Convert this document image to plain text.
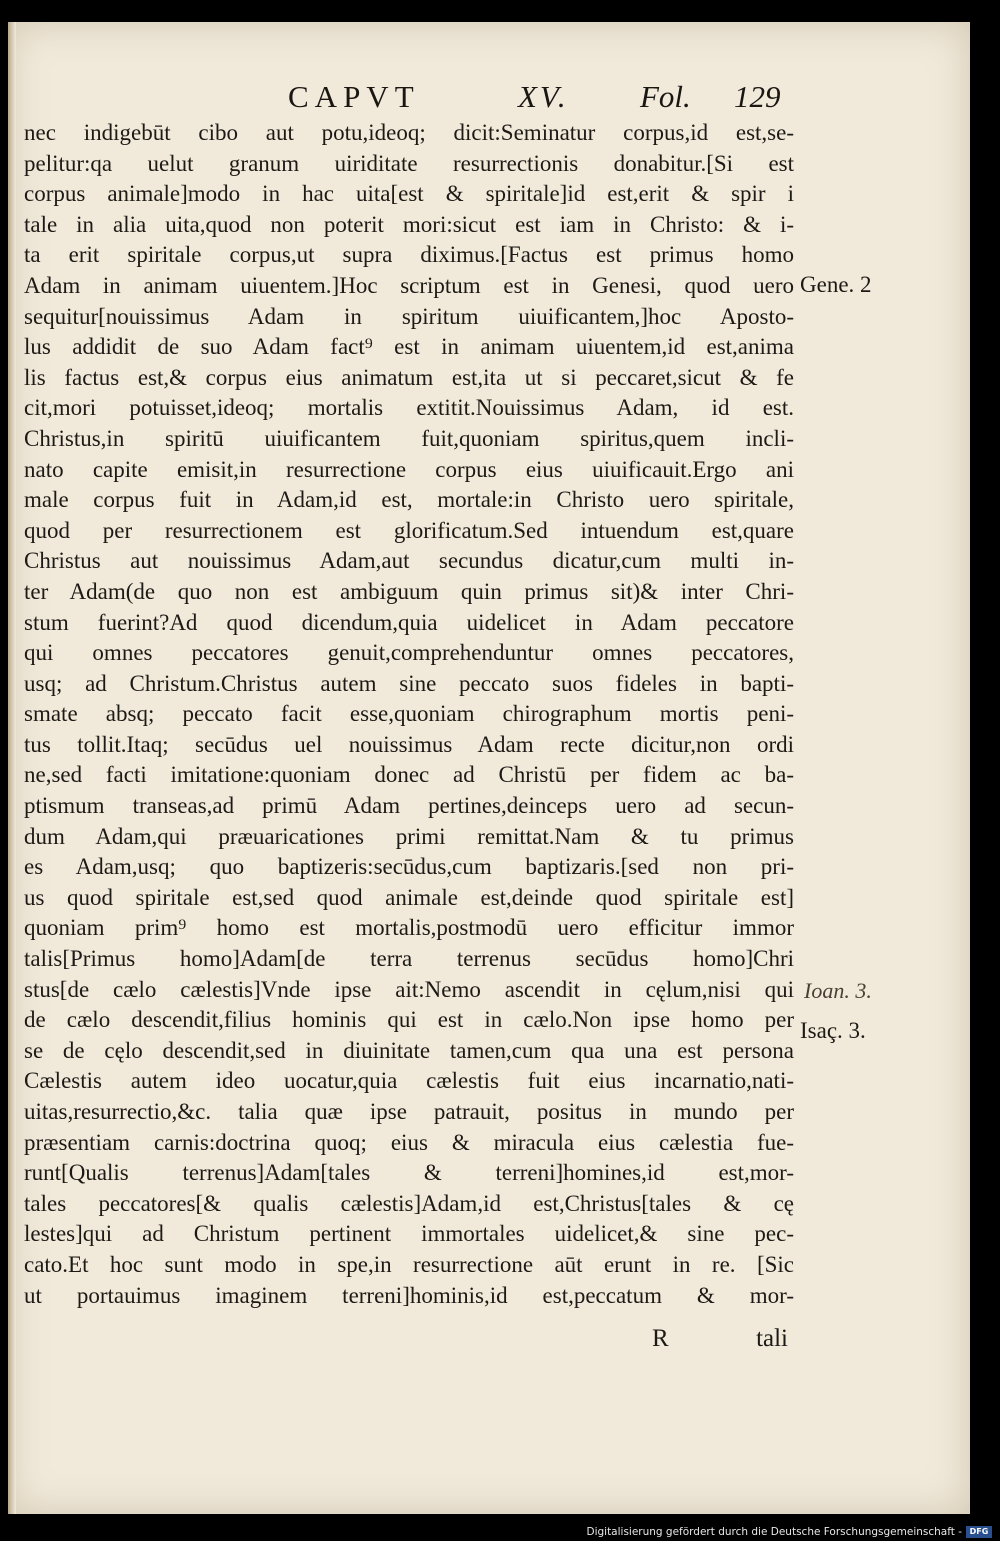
CAPVT	XV. Fol. 129
nec indigebūt cibo aut potu,ideoq; dicit:Seminatur corpus,id est,se-
pelitur:qa uelut granum uiriditate resurrectionis donabitur.[Si est
corpus animale]modo in hac uita[est & spiritale]id est,erit & spir i
tale in alia uita,quod non poterit mori:sicut est iam in Christo: & i-
ta erit spiritale corpus,ut supra diximus.[Factus est primus homo
Adam in animam uiuentem.]Hoc scriptum est in Genesi, quod uero
sequitur[nouissimus Adam in spiritum uiuificantem,]hoc Aposto-
lus addidit de suo Adam fact⁹ est in animam uiuentem,id est,anima
lis factus est,& corpus eius animatum est,ita ut si peccaret,sicut & fe
cit,mori potuisset,ideoq; mortalis extitit.Nouissimus Adam, id est.
Christus,in spiritū uiuificantem fuit,quoniam spiritus,quem incli-
nato capite emisit,in resurrectione corpus eius uiuificauit.Ergo ani
male corpus fuit in Adam,id est, mortale:in Christo uero spiritale,
quod per resurrectionem est glorificatum.Sed intuendum est,quare
Christus aut nouissimus Adam,aut secundus dicatur,cum multi in-
ter Adam(de quo non est ambiguum quin primus sit)& inter Chri-
stum fuerint?Ad quod dicendum,quia uidelicet in Adam peccatore
qui omnes peccatores genuit,comprehenduntur omnes peccatores,
usq; ad Christum.Christus autem sine peccato suos fideles in bapti-
smate absq; peccato facit esse,quoniam chirographum mortis peni-
tus tollit.Itaq; secūdus uel nouissimus Adam recte dicitur,non ordi
ne,sed facti imitatione:quoniam donec ad Christū per fidem ac ba-
ptismum transeas,ad primū Adam pertines,deinceps uero ad secun-
dum Adam,qui præuaricationes primi remittat.Nam & tu primus
es Adam,usq; quo baptizeris:secūdus,cum baptizaris.[sed non pri-
us quod spiritale est,sed quod animale est,deinde quod spiritale est]
quoniam prim⁹ homo est mortalis,postmodū uero efficitur immor
talis[Primus homo]Adam[de terra terrenus secūdus homo]Chri
stus[de cælo cælestis]Vnde ipse ait:Nemo ascendit in cęlum,nisi qui
de cælo descendit,filius hominis qui est in cælo.Non ipse homo per
se de cęlo descendit,sed in diuinitate tamen,cum qua una est persona
Cælestis autem ideo uocatur,quia cælestis fuit eius incarnatio,nati-
uitas,resurrectio,&c. talia quæ ipse patrauit, positus in mundo per
præsentiam carnis:doctrina quoq; eius & miracula eius cælestia fue-
runt[Qualis terrenus]Adam[tales & terreni]homines,id est,mor-
tales peccatores[& qualis cælestis]Adam,id est,Christus[tales & cę
lestes]qui ad Christum pertinent immortales uidelicet,& sine pec-
cato.Et hoc sunt modo in spe,in resurrectione aūt erunt in re. [Sic
ut portauimus imaginem terreni]hominis,id est,peccatum & mor-
Gene. 2
Ioan. 3.
Isaç. 3.
R	tali
Digitalisierung gefördert durch die Deutsche Forschungsgemeinschaft - DFG
